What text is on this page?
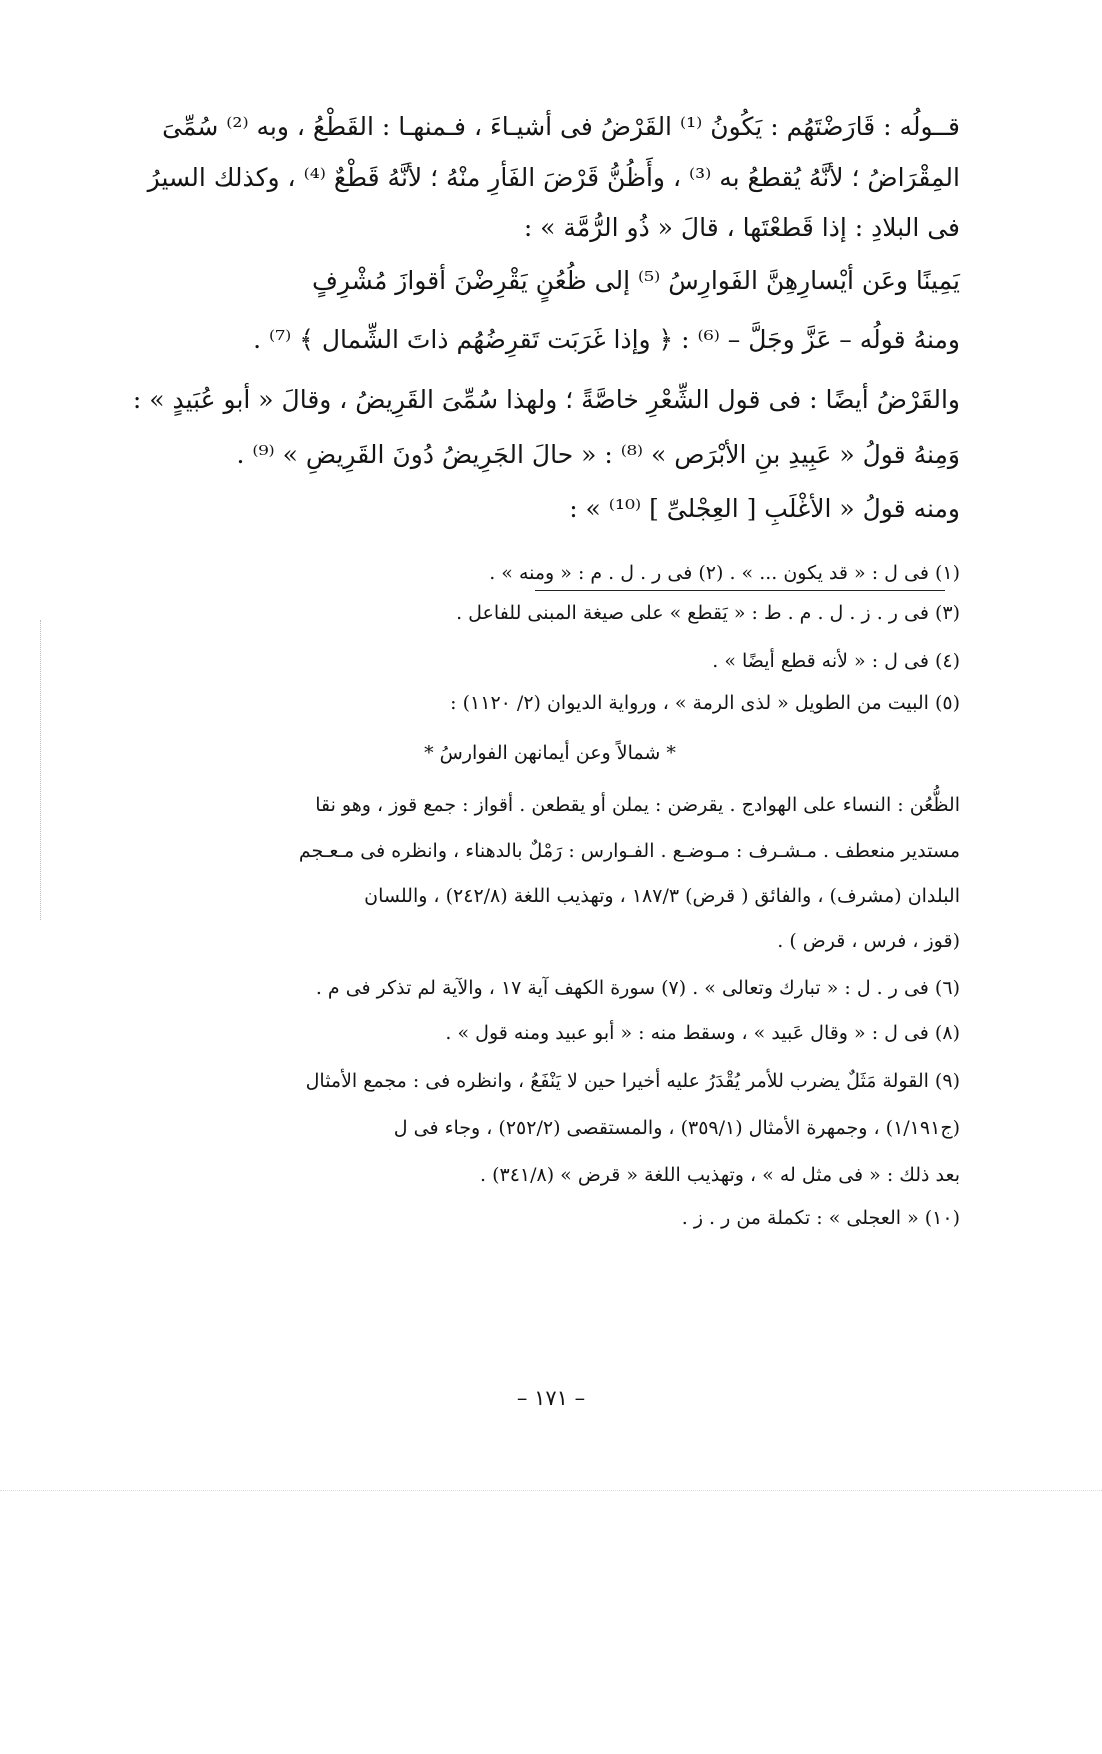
قــولُه : قَارَضْتَهُم : يَكُونُ ⁽¹⁾ القَرْضُ فى أشيـاءَ ، فـمنهـا : القَطْعُ ، وبه ⁽²⁾ سُمِّىَ
المِقْرَاضُ ؛ لأنَّهُ يُقطعُ به ⁽³⁾ ، وأَظُنُّ قَرْضَ الفَأرِ منْهُ ؛ لأنَّهُ قَطْعٌ ⁽⁴⁾ ، وكذلك السيرُ
فى البلادِ : إذا قَطعْتَها ، قالَ « ذُو الرُّمَّة » :
إلى ظُعُنٍ يَقْرِضْنَ أقوازَ مُشْرِفٍ يَمِينًا وعَن أيْسارِهِنَّ الفَوارِسُ ⁽⁵⁾
ومنهُ قولُه – عَزَّ وجَلَّ – ⁽⁶⁾ : ﴿ وإذا غَرَبَت تَقرِضُهُم ذاتَ الشِّمال ﴾ ⁽⁷⁾ .
والقَرْضُ أيضًا : فى قول الشِّعْرِ خاصَّةً ؛ ولهذا سُمِّىَ القَرِيضُ ، وقالَ « أبو عُبَيدٍ » :
وَمِنهُ قولُ « عَبِيدِ بنِ الأبْرَص » ⁽⁸⁾ : « حالَ الجَرِيضُ دُونَ القَرِيضِ » ⁽⁹⁾ .
ومنه قولُ « الأغْلَبِ [ العِجْلىِّ ] ⁽¹⁰⁾ » :
(١) فى ل : « قد يكون ... » . (٢) فى ر . ل . م : « ومنه » .
(٣) فى ر . ز . ل . م . ط : « يَقطع » على صيغة المبنى للفاعل .
(٤) فى ل : « لأنه قطع أيضًا » .
(٥) البيت من الطويل « لذى الرمة » ، ورواية الديوان (٢/ ١١٢٠) :
* شمالاً وعن أيمانهن الفوارسُ *
الظُّعُن : النساء على الهوادج . يقرضن : يملن أو يقطعن . أقواز : جمع قوز ، وهو نقا
مستدير منعطف . مـشـرف : مـوضـع . الفـوارس : رَمْلٌ بالدهناء ، وانظره فى مـعـجم
البلدان (مشرف) ، والفائق ( قرض) ١٨٧/٣ ، وتهذيب اللغة (٢٤٢/٨) ، واللسان
(قوز ، فرس ، قرض ) .
(٦) فى ر . ل : « تبارك وتعالى » . (٧) سورة الكهف آية ١٧ ، والآية لم تذكر فى م .
(٨) فى ل : « وقال عَبيد » ، وسقط منه : « أبو عبيد ومنه قول » .
(٩) القولة مَثَلٌ يضرب للأمر يُقْدَرُ عليه أخيرا حين لا يَنْفَعُ ، وانظره فى : مجمع الأمثال
(ج١/١٩١) ، وجمهرة الأمثال (٣٥٩/١) ، والمستقصى (٢٥٢/٢) ، وجاء فى ل
بعد ذلك : « فى مثل له » ، وتهذيب اللغة « قرض » (٣٤١/٨) .
(١٠) « العجلى » : تكملة من ر . ز .
– ١٧١ –
